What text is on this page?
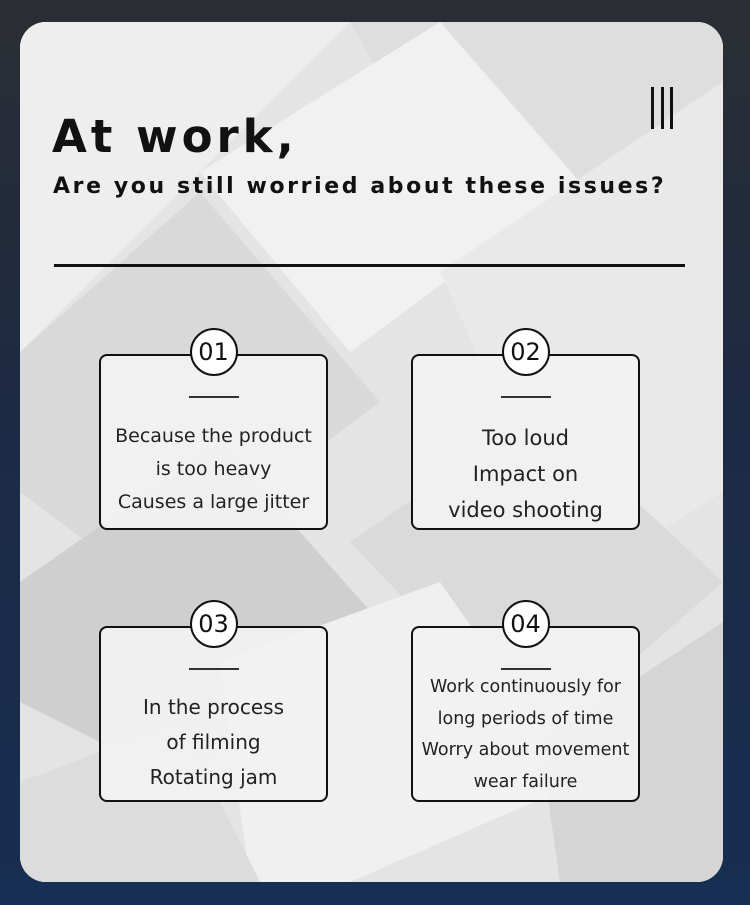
At work,
Are you still worried about these issues?
01
Because the product
is too heavy
Causes a large jitter
02
Too loud
Impact on
video shooting
03
In the process
of filming
Rotating jam
04
Work continuously for
long periods of time
Worry about movement
wear failure
